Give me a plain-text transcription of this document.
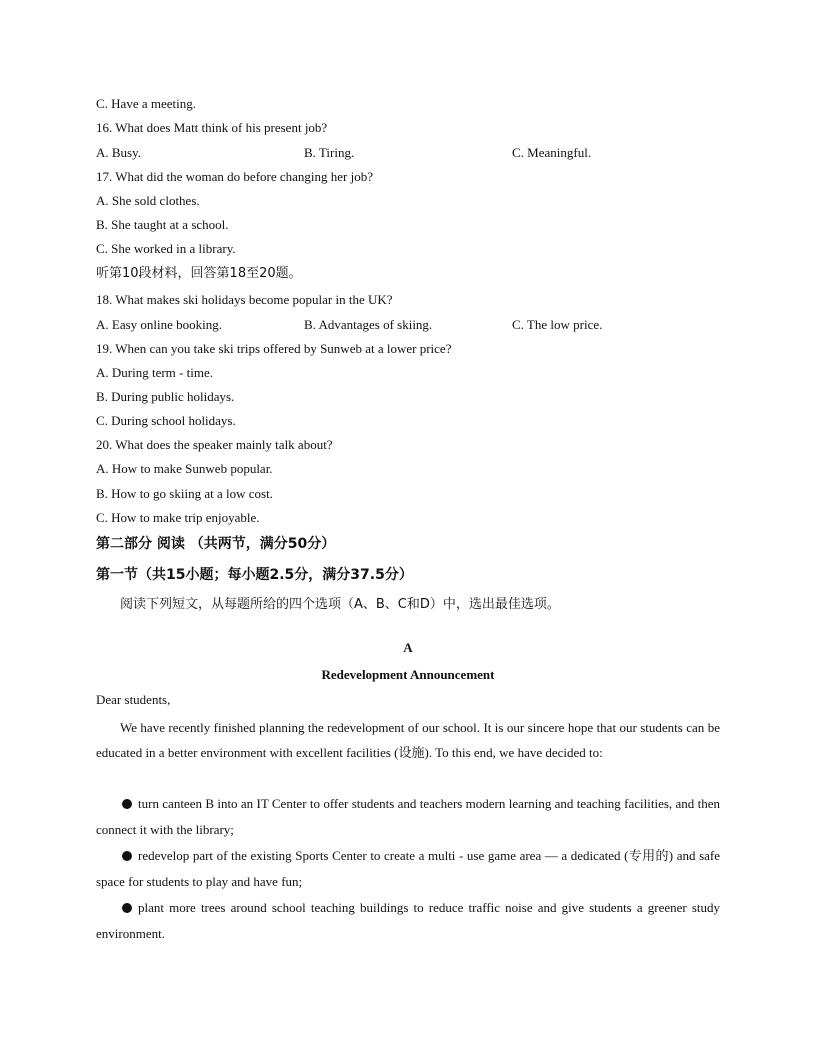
C. Have a meeting.
16. What does Matt think of his present job?
A. Busy.	B. Tiring.	C. Meaningful.
17. What did the woman do before changing her job?
A. She sold clothes.
B. She taught at a school.
C. She worked in a library.
听第10段材料，回答第18至20题。
18. What makes ski holidays become popular in the UK?
A. Easy online booking.	B. Advantages of skiing.	C. The low price.
19. When can you take ski trips offered by Sunweb at a lower price?
A. During term - time.
B. During public holidays.
C. During school holidays.
20. What does the speaker mainly talk about?
A. How to make Sunweb popular.
B. How to go skiing at a low cost.
C. How to make trip enjoyable.
第二部分 阅读 （共两节，满分50分）
第一节（共15小题；每小题2.5分，满分37.5分）
阅读下列短文，从每题所给的四个选项（A、B、C和D）中，选出最佳选项。
A
Redevelopment Announcement
Dear students,
We have recently finished planning the redevelopment of our school. It is our sincere hope that our students can be educated in a better environment with excellent facilities (设施). To this end, we have decided to:
turn canteen B into an IT Center to offer students and teachers modern learning and teaching facilities, and then connect it with the library;
redevelop part of the existing Sports Center to create a multi - use game area — a dedicated (专用的) and safe space for students to play and have fun;
plant more trees around school teaching buildings to reduce traffic noise and give students a greener study environment.
